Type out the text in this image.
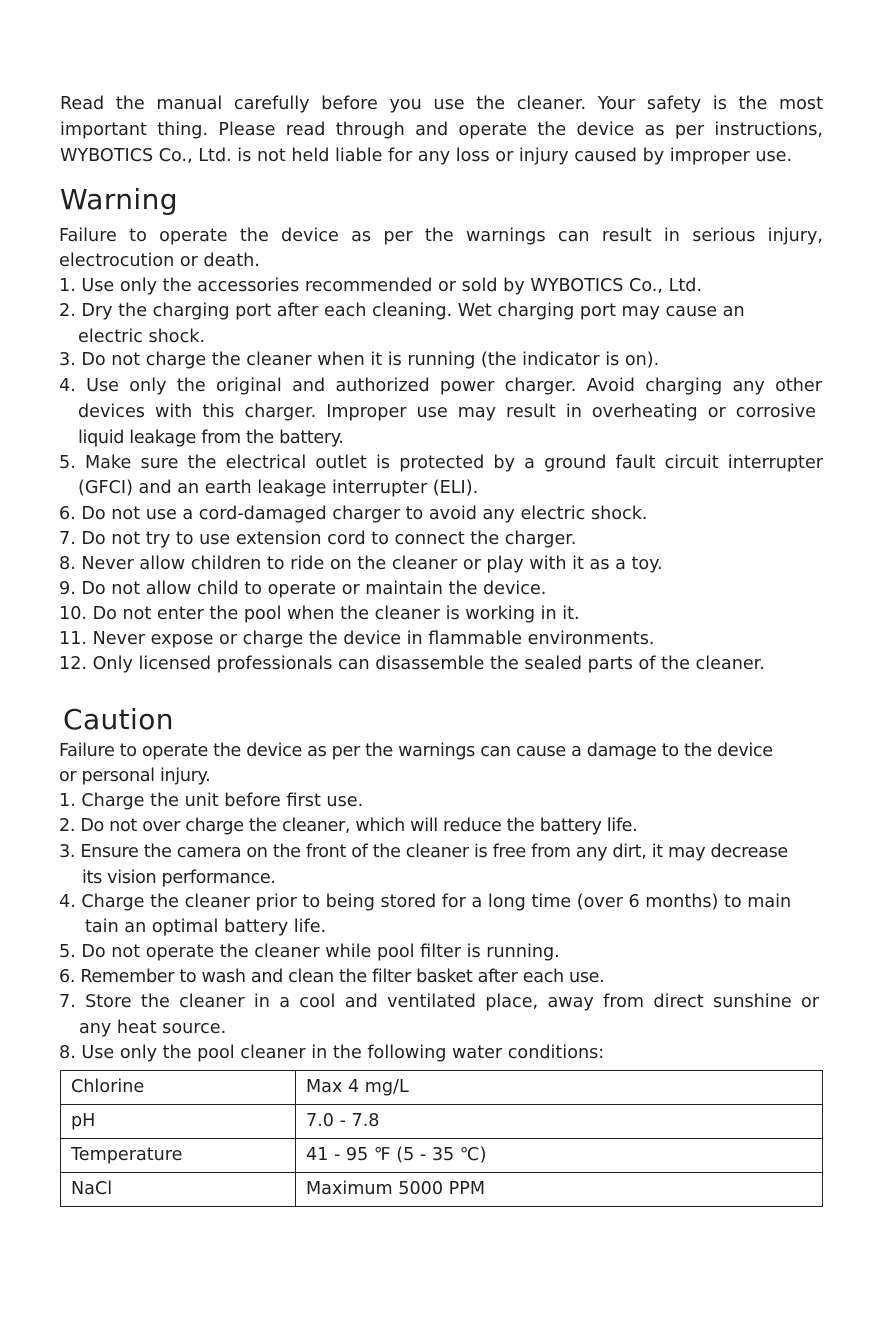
Read the manual carefully before you use the cleaner. Your safety is the most

important thing. Please read through and operate the device as per instructions,

WYBOTICS Co., Ltd. is not held liable for any loss or injury caused by improper use.

Warning

Failure to operate the device as per the warnings can result in serious injury,

electrocution or death.

1. Use only the accessories recommended or sold by WYBOTICS Co., Ltd.

2. Dry the charging port after each cleaning. Wet charging port may cause an

electric shock.

3. Do not charge the cleaner when it is running (the indicator is on).

4. Use only the original and authorized power charger. Avoid charging any other

devices with this charger. Improper use may result in overheating or corrosive

liquid leakage from the battery.

5. Make sure the electrical outlet is protected by a ground fault circuit interrupter

(GFCI) and an earth leakage interrupter (ELI).

6. Do not use a cord-damaged charger to avoid any electric shock.

7. Do not try to use extension cord to connect the charger.

8. Never allow children to ride on the cleaner or play with it as a toy.

9. Do not allow child to operate or maintain the device.

10. Do not enter the pool when the cleaner is working in it.

11. Never expose or charge the device in flammable environments.

12. Only licensed professionals can disassemble the sealed parts of the cleaner.

Caution

Failure to operate the device as per the warnings can cause a damage to the device

or personal injury.

1. Charge the unit before first use.

2. Do not over charge the cleaner, which will reduce the battery life.

3. Ensure the camera on the front of the cleaner is free from any dirt, it may decrease

its vision performance.

4. Charge the cleaner prior to being stored for a long time (over 6 months) to main

tain an optimal battery life.

5. Do not operate the cleaner while pool filter is running.

6. Remember to wash and clean the filter basket after each use.

7. Store the cleaner in a cool and ventilated place, away from direct sunshine or

any heat source.

8. Use only the pool cleaner in the following water conditions:

Chlorine	Max 4 mg/L
pH	7.0 - 7.8
Temperature	41 - 95 ℉ (5 - 35 ℃)
NaCl	Maximum 5000 PPM
